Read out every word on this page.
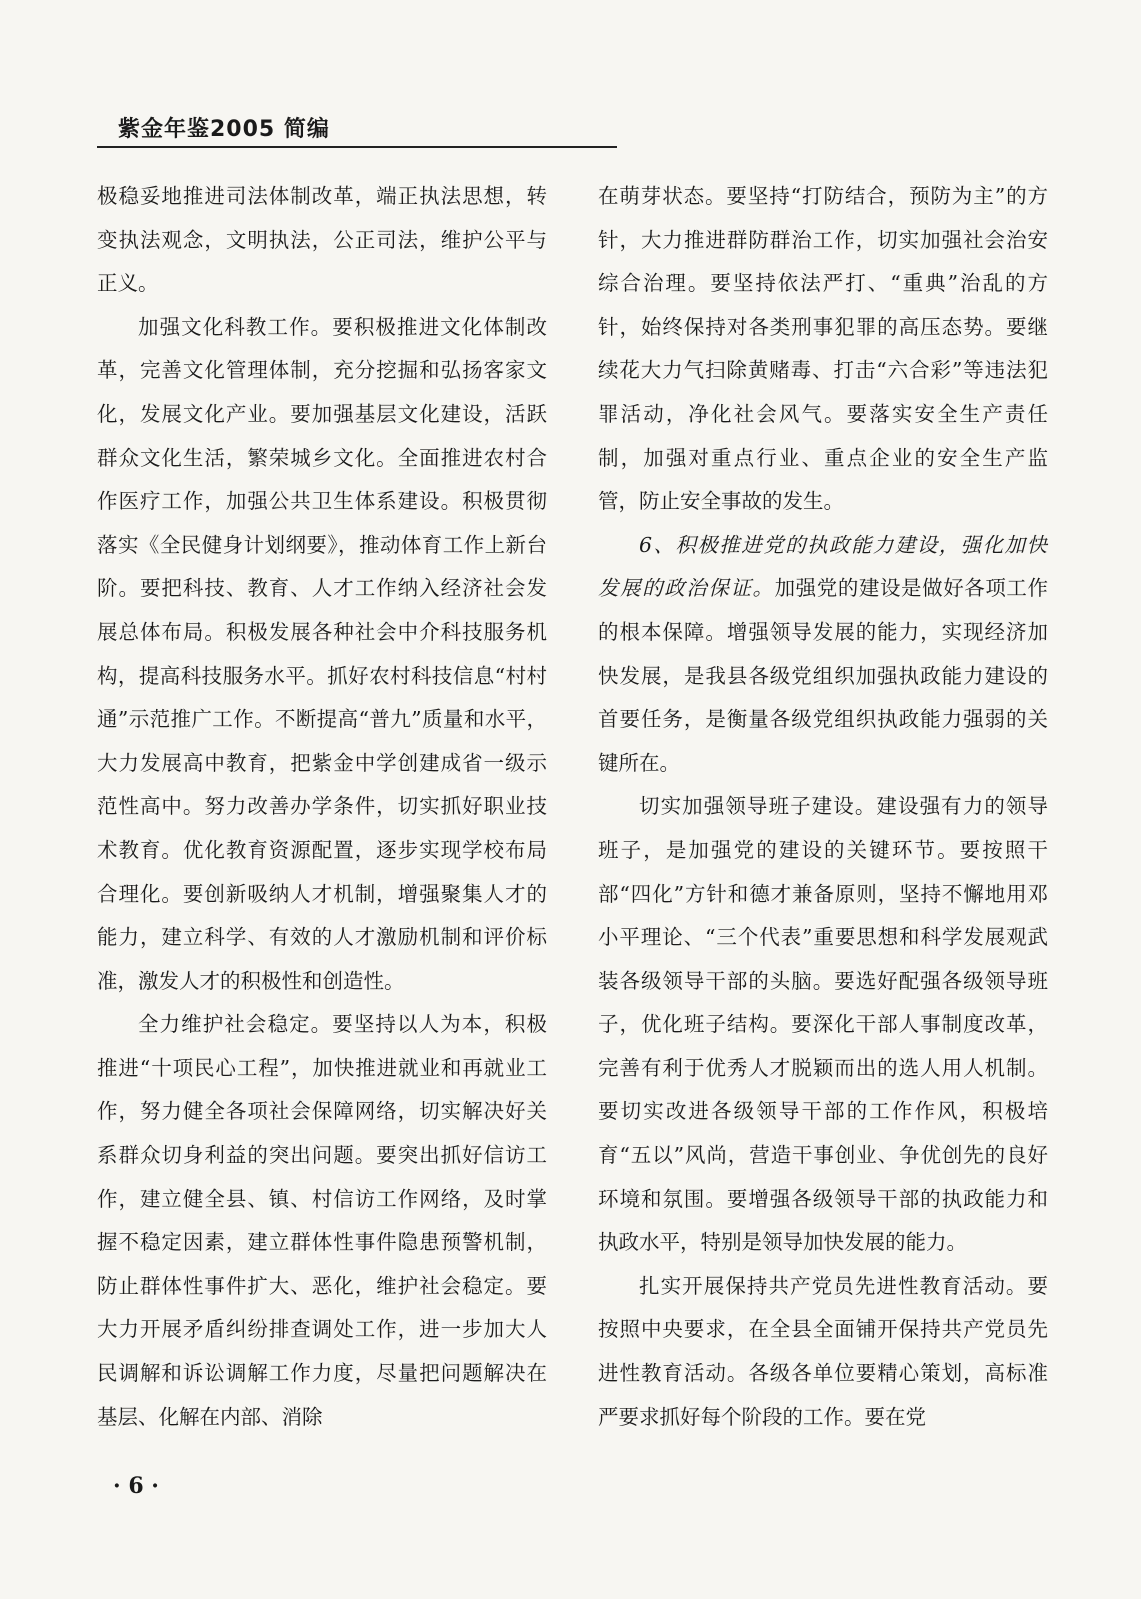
紫金年鉴2005 简编

极稳妥地推进司法体制改革，端正执法思想，转变执法观念，文明执法，公正司法，维护公平与正义。

加强文化科教工作。要积极推进文化体制改革，完善文化管理体制，充分挖掘和弘扬客家文化，发展文化产业。要加强基层文化建设，活跃群众文化生活，繁荣城乡文化。全面推进农村合作医疗工作，加强公共卫生体系建设。积极贯彻落实《全民健身计划纲要》，推动体育工作上新台阶。要把科技、教育、人才工作纳入经济社会发展总体布局。积极发展各种社会中介科技服务机构，提高科技服务水平。抓好农村科技信息“村村通”示范推广工作。不断提高“普九”质量和水平，大力发展高中教育，把紫金中学创建成省一级示范性高中。努力改善办学条件，切实抓好职业技术教育。优化教育资源配置，逐步实现学校布局合理化。要创新吸纳人才机制，增强聚集人才的能力，建立科学、有效的人才激励机制和评价标准，激发人才的积极性和创造性。

全力维护社会稳定。要坚持以人为本，积极推进“十项民心工程”，加快推进就业和再就业工作，努力健全各项社会保障网络，切实解决好关系群众切身利益的突出问题。要突出抓好信访工作，建立健全县、镇、村信访工作网络，及时掌握不稳定因素，建立群体性事件隐患预警机制，防止群体性事件扩大、恶化，维护社会稳定。要大力开展矛盾纠纷排查调处工作，进一步加大人民调解和诉讼调解工作力度，尽量把问题解决在基层、化解在内部、消除

在萌芽状态。要坚持“打防结合，预防为主”的方针，大力推进群防群治工作，切实加强社会治安综合治理。要坚持依法严打、“重典”治乱的方针，始终保持对各类刑事犯罪的高压态势。要继续花大力气扫除黄赌毒、打击“六合彩”等违法犯罪活动，净化社会风气。要落实安全生产责任制，加强对重点行业、重点企业的安全生产监管，防止安全事故的发生。

6、积极推进党的执政能力建设，强化加快发展的政治保证。加强党的建设是做好各项工作的根本保障。增强领导发展的能力，实现经济加快发展，是我县各级党组织加强执政能力建设的首要任务，是衡量各级党组织执政能力强弱的关键所在。

切实加强领导班子建设。建设强有力的领导班子，是加强党的建设的关键环节。要按照干部“四化”方针和德才兼备原则，坚持不懈地用邓小平理论、“三个代表”重要思想和科学发展观武装各级领导干部的头脑。要选好配强各级领导班子，优化班子结构。要深化干部人事制度改革，完善有利于优秀人才脱颖而出的选人用人机制。要切实改进各级领导干部的工作作风，积极培育“五以”风尚，营造干事创业、争优创先的良好环境和氛围。要增强各级领导干部的执政能力和执政水平，特别是领导加快发展的能力。

扎实开展保持共产党员先进性教育活动。要按照中央要求，在全县全面铺开保持共产党员先进性教育活动。各级各单位要精心策划，高标准严要求抓好每个阶段的工作。要在党

· 6 ·
